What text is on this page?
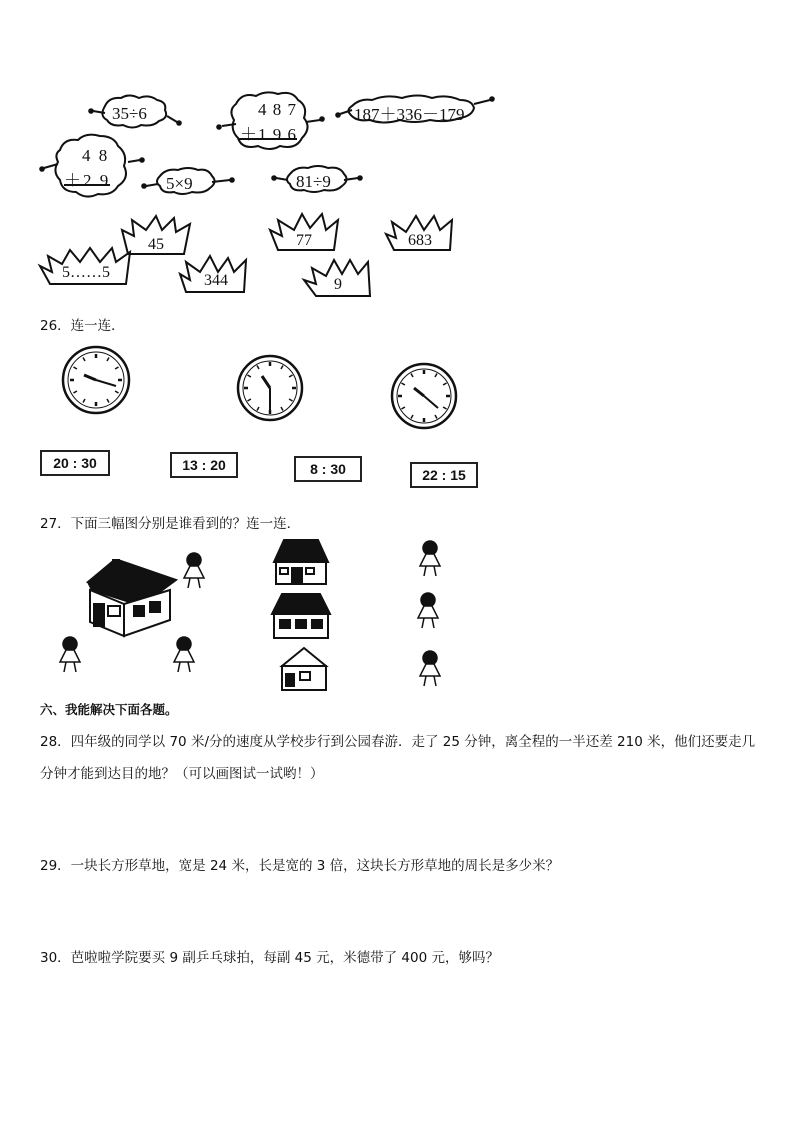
35÷6	4 8 7
＋1 9 6
187＋336－179
4 8
＋2 9	5×9	81÷9
45	77	683
5……5	344	9
26．连一连．
20 : 30	13 : 20	8 : 30	22 : 15
27．下面三幅图分别是谁看到的？连一连．
六、我能解决下面各题。
28．四年级的同学以 70 米/分的速度从学校步行到公园春游．走了 25 分钟，离全程的一半还差 210 米，他们还要走几
分钟才能到达目的地？（可以画图试一试哟！）
29．一块长方形草地，宽是 24 米，长是宽的 3 倍，这块长方形草地的周长是多少米？
30．芭啦啦学院要买 9 副乒乓球拍，每副 45 元，米德带了 400 元，够吗？
